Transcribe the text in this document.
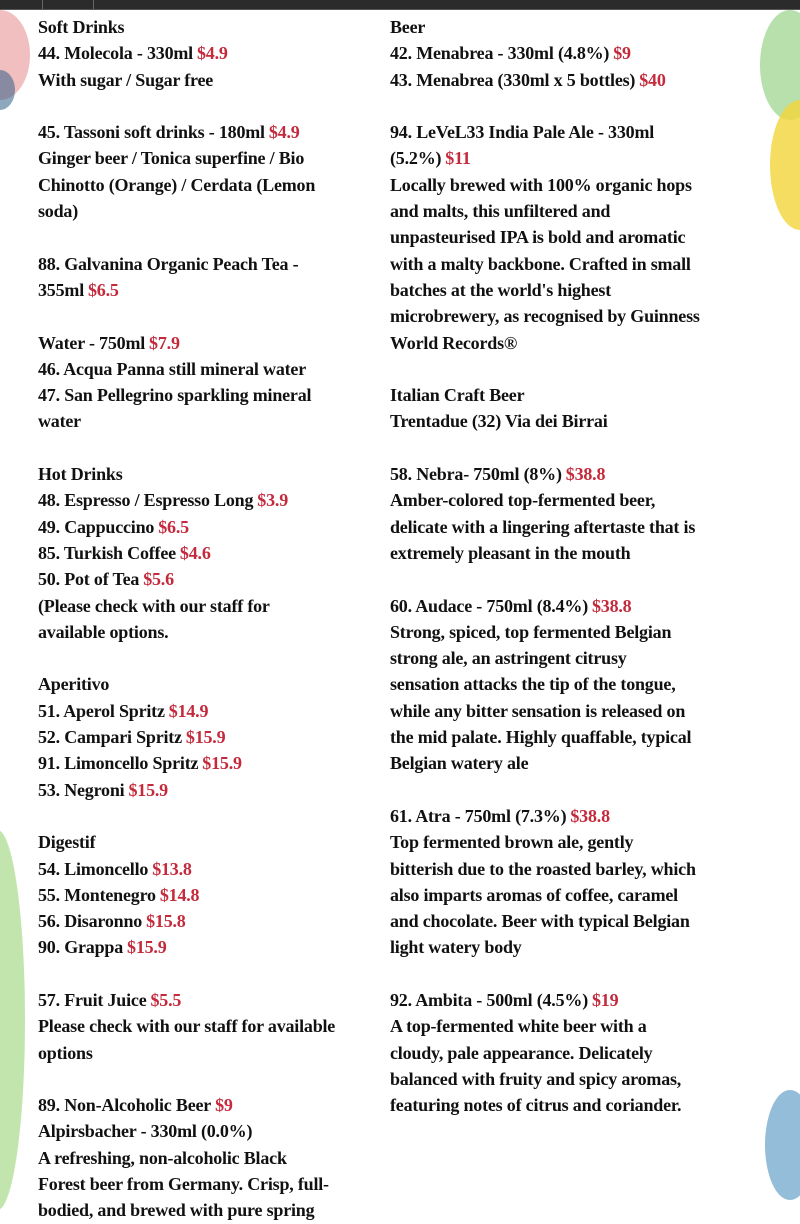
Soft Drinks
44. Molecola - 330ml $4.9
With sugar / Sugar free
45. Tassoni soft drinks - 180ml $4.9
Ginger beer / Tonica superfine / Bio
Chinotto (Orange) / Cerdata (Lemon
soda)
88. Galvanina Organic Peach Tea -
355ml $6.5
Water - 750ml $7.9
46. Acqua Panna still mineral water
47. San Pellegrino sparkling mineral
water
Hot Drinks
48. Espresso / Espresso Long $3.9
49. Cappuccino $6.5
85. Turkish Coffee $4.6
50. Pot of Tea $5.6
(Please check with our staff for
available options.
Aperitivo
51. Aperol Spritz $14.9
52. Campari Spritz $15.9
91. Limoncello Spritz $15.9
53. Negroni $15.9
Digestif
54. Limoncello $13.8
55. Montenegro $14.8
56. Disaronno $15.8
90. Grappa $15.9
57. Fruit Juice $5.5
Please check with our staff for available
options
89. Non-Alcoholic Beer $9
Alpirsbacher - 330ml (0.0%)
A refreshing, non-alcoholic Black
Forest beer from Germany. Crisp, full-
bodied, and brewed with pure spring
Beer
42. Menabrea - 330ml (4.8%) $9
43. Menabrea (330ml x 5 bottles) $40
94. LeVeL33 India Pale Ale - 330ml
(5.2%) $11
Locally brewed with 100% organic hops
and malts, this unfiltered and
unpasteurised IPA is bold and aromatic
with a malty backbone. Crafted in small
batches at the world's highest
microbrewery, as recognised by Guinness
World Records®
Italian Craft Beer
Trentadue (32) Via dei Birrai
58. Nebra- 750ml (8%) $38.8
Amber-colored top-fermented beer,
delicate with a lingering aftertaste that is
extremely pleasant in the mouth
60. Audace - 750ml (8.4%) $38.8
Strong, spiced, top fermented Belgian
strong ale, an astringent citrusy
sensation attacks the tip of the tongue,
while any bitter sensation is released on
the mid palate. Highly quaffable, typical
Belgian watery ale
61. Atra - 750ml (7.3%) $38.8
Top fermented brown ale, gently
bitterish due to the roasted barley, which
also imparts aromas of coffee, caramel
and chocolate. Beer with typical Belgian
light watery body
92. Ambita - 500ml (4.5%) $19
A top-fermented white beer with a
cloudy, pale appearance. Delicately
balanced with fruity and spicy aromas,
featuring notes of citrus and coriander.
